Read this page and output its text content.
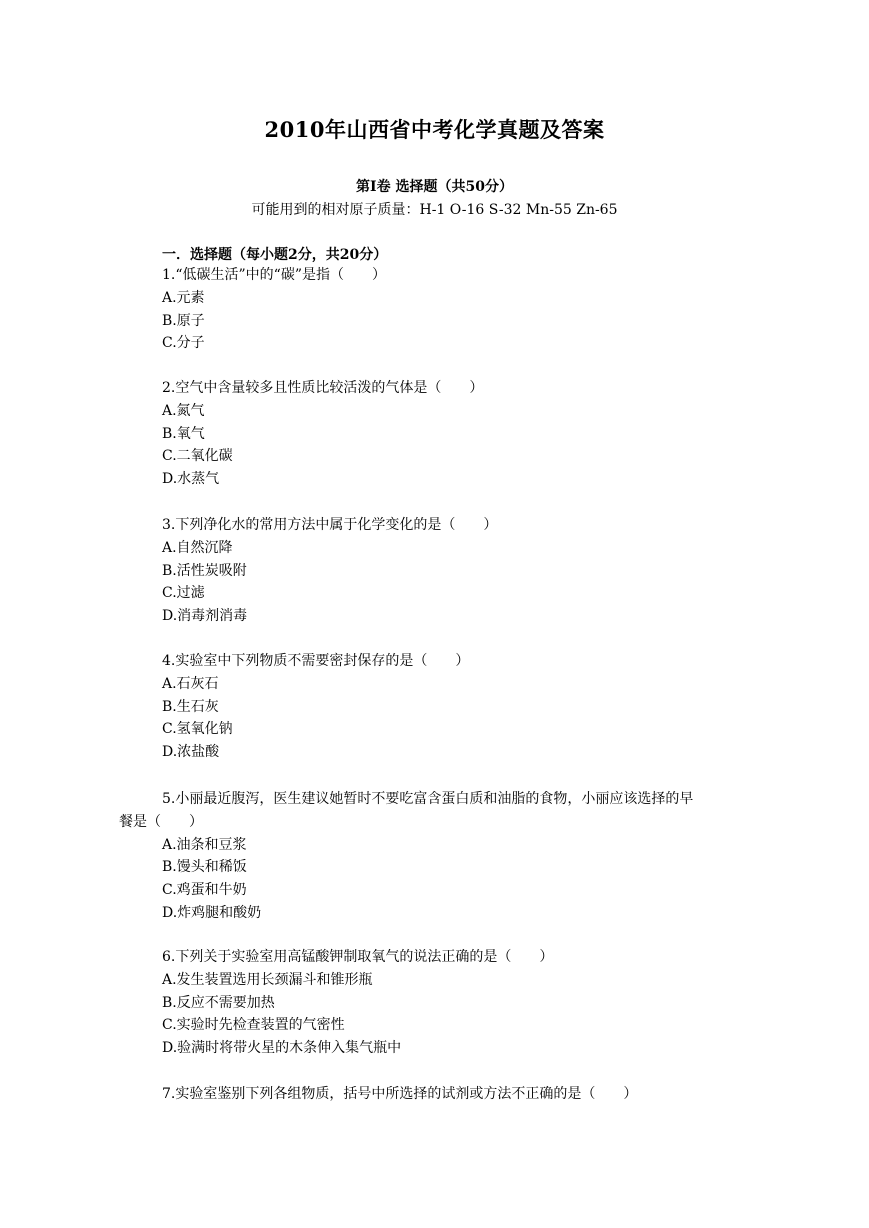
2010年山西省中考化学真题及答案
第Ⅰ卷 选择题（共50分）
可能用到的相对原子质量：H-1 O-16 S-32 Mn-55 Zn-65
一．选择题（每小题2分，共20分）
1.“低碳生活”中的“碳”是指（　　）
A.元素
B.原子
C.分子
2.空气中含量较多且性质比较活泼的气体是（　　）
A.氮气
B.氧气
C.二氧化碳
D.水蒸气
3.下列净化水的常用方法中属于化学变化的是（　　）
A.自然沉降
B.活性炭吸附
C.过滤
D.消毒剂消毒
4.实验室中下列物质不需要密封保存的是（　　）
A.石灰石
B.生石灰
C.氢氧化钠
D.浓盐酸
5.小丽最近腹泻，医生建议她暂时不要吃富含蛋白质和油脂的食物，小丽应该选择的早
餐是（　　）
A.油条和豆浆
B.馒头和稀饭
C.鸡蛋和牛奶
D.炸鸡腿和酸奶
6.下列关于实验室用高锰酸钾制取氧气的说法正确的是（　　）
A.发生装置选用长颈漏斗和锥形瓶
B.反应不需要加热
C.实验时先检查装置的气密性
D.验满时将带火星的木条伸入集气瓶中
7.实验室鉴别下列各组物质，括号中所选择的试剂或方法不正确的是（　　）
